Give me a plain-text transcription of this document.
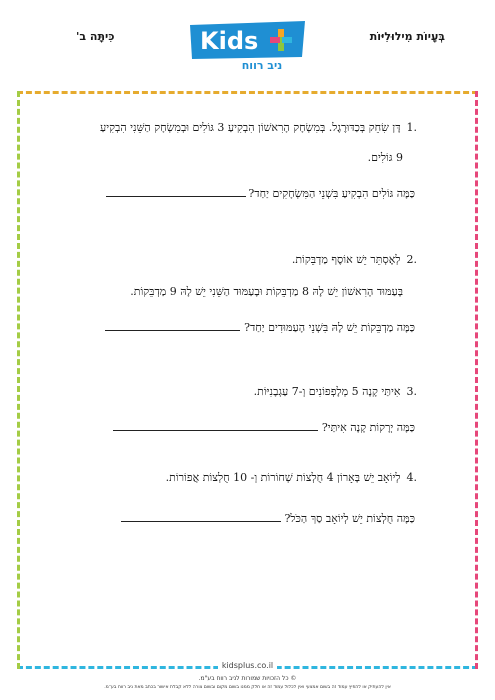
בְּעָיוֹת מִילוּלִיּוֹת
כִּיתָּה ב'	Kids
ניב רווח
.1דָּן שִׂחֵק בְּכַדּוּרֶגֶל. בְּמִשְׂחָק הָרִאשׁוֹן הִבְקִיעַ 3 גּוֹלִים וּבְמִשְׂחָק הַשֵּׁנִי הִבְקִיעַ
9 גּוֹלִים.
כַּמָּה גּוֹלִים הִבְקִיעַ בִּשְׁנֵי הַמִּשְׂחָקִים יַחַד?
.2לְאֶסְתֵּר יֵשׁ אוֹסֶף מַדְבֵּקוֹת.
בָּעַמּוּד הָרִאשׁוֹן יֵשׁ לָהּ 8 מַדְבֵּקוֹת וּבָעַמּוּד הַשֵּׁנִי יֵשׁ לָהּ 9 מַדְבֵּקוֹת.
כַּמָּה מַדְבֵּקוֹת יֵשׁ לָהּ בִּשְׁנֵי הָעַמּוּדִים יַחַד?
.3אִיתַּי קָנָה 5 מְלָפְפוֹנִים וְ-7 עַגְבָנִיּוֹת.
כַּמָּה יְרָקוֹת קָנָה אִיתַּי?
.4לְיוֹאָב יֵשׁ בָּאָרוֹן 4 חֻלְצוֹת שְׁחוֹרוֹת וְ- 10 חֻלְצוֹת אֲפוֹרוֹת.
כַּמָּה חֻלְצוֹת יֵשׁ לְיוֹאָב סַךְ הַכֹּל?
kidsplus.co.il
© כל הזכויות שמורות לניב רווח בע"מ.
אין להעתיק או להפיץ עמוד זה בשום אמצעי ואין לכלול עמוד זה או חלק ממנו בשום מקום ובשום צורה ללא קבלת אישור בכתב מאת ניב רווח בע"מ.
